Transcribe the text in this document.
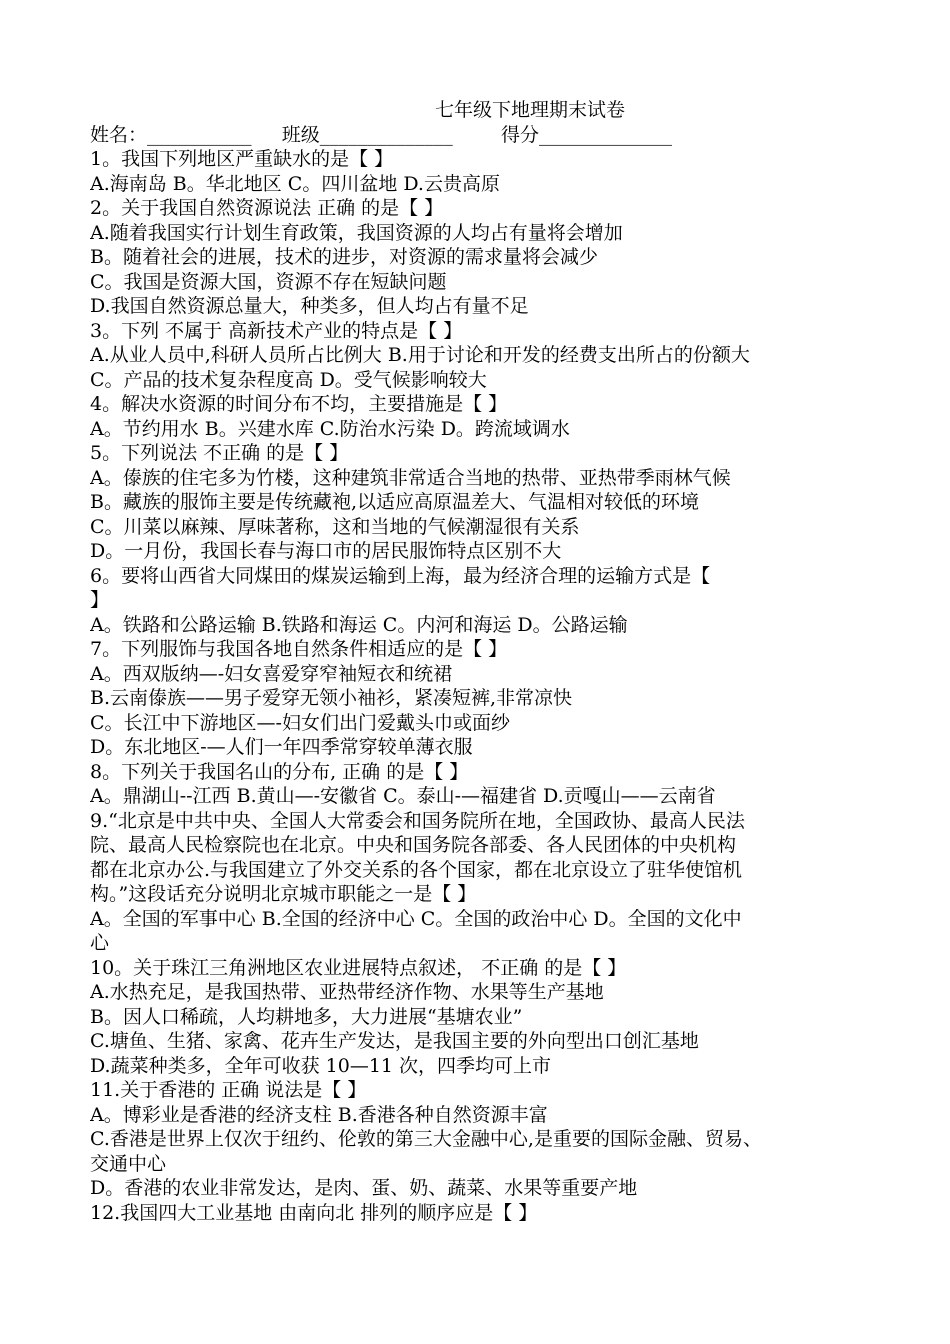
七年级下地理期末试卷
姓名：___________     班级______________        得分______________
1。我国下列地区严重缺水的是【 】
A.海南岛 B。华北地区 C。四川盆地 D.云贵高原
2。关于我国自然资源说法 正确 的是【 】
A.随着我国实行计划生育政策，我国资源的人均占有量将会增加
B。随着社会的进展，技术的进步，对资源的需求量将会减少
C。我国是资源大国，资源不存在短缺问题
D.我国自然资源总量大，种类多，但人均占有量不足
3。下列 不属于 高新技术产业的特点是【 】
A.从业人员中,科研人员所占比例大 B.用于讨论和开发的经费支出所占的份额大
C。产品的技术复杂程度高 D。受气候影响较大
4。解决水资源的时间分布不均，主要措施是【 】
A。节约用水 B。兴建水库 C.防治水污染 D。跨流域调水
5。下列说法 不正确 的是【 】
A。傣族的住宅多为竹楼，这种建筑非常适合当地的热带、亚热带季雨林气候
B。藏族的服饰主要是传统藏袍,以适应高原温差大、气温相对较低的环境
C。川菜以麻辣、厚味著称，这和当地的气候潮湿很有关系
D。一月份，我国长春与海口市的居民服饰特点区别不大
6。要将山西省大同煤田的煤炭运输到上海，最为经济合理的运输方式是【
】
A。铁路和公路运输 B.铁路和海运 C。内河和海运 D。公路运输
7。下列服饰与我国各地自然条件相适应的是【 】
A。西双版纳—-妇女喜爱穿窄袖短衣和统裙
B.云南傣族——男子爱穿无领小袖衫，紧凑短裤,非常凉快
C。长江中下游地区—-妇女们出门爱戴头巾或面纱
D。东北地区-—人们一年四季常穿较单薄衣服
8。下列关于我国名山的分布, 正确 的是【 】
A。鼎湖山--江西 B.黄山—-安徽省 C。泰山-—福建省 D.贡嘎山——云南省
9.“北京是中共中央、全国人大常委会和国务院所在地，全国政协、最高人民法
院、最高人民检察院也在北京。中央和国务院各部委、各人民团体的中央机构
都在北京办公.与我国建立了外交关系的各个国家，都在北京设立了驻华使馆机
构。”这段话充分说明北京城市职能之一是【 】
A。全国的军事中心 B.全国的经济中心 C。全国的政治中心 D。全国的文化中
心
10。关于珠江三角洲地区农业进展特点叙述， 不正确 的是【 】
A.水热充足，是我国热带、亚热带经济作物、水果等生产基地
B。因人口稀疏，人均耕地多，大力进展“基塘农业”
C.塘鱼、生猪、家禽、花卉生产发达，是我国主要的外向型出口创汇基地
D.蔬菜种类多，全年可收获 10—11 次，四季均可上市
11.关于香港的 正确 说法是【 】
A。博彩业是香港的经济支柱 B.香港各种自然资源丰富
C.香港是世界上仅次于纽约、伦敦的第三大金融中心,是重要的国际金融、贸易、
交通中心
D。香港的农业非常发达，是肉、蛋、奶、蔬菜、水果等重要产地
12.我国四大工业基地 由南向北 排列的顺序应是【 】
